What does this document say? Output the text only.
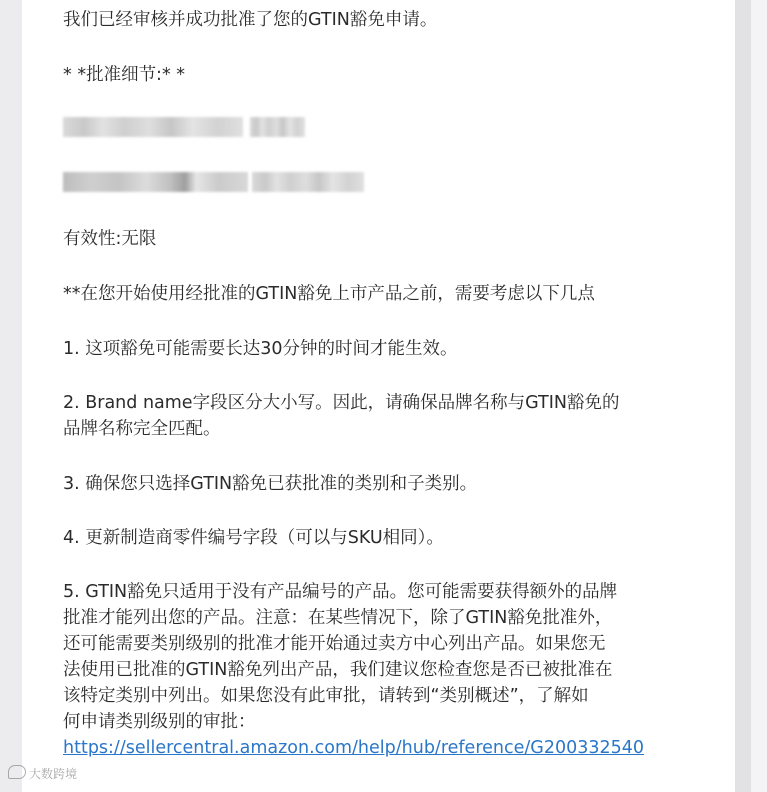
我们已经审核并成功批准了您的GTIN豁免申请。
* *批准细节:* *
有效性:无限
**在您开始使用经批准的GTIN豁免上市产品之前，需要考虑以下几点
1. 这项豁免可能需要长达30分钟的时间才能生效。
2. Brand name字段区分大小写。因此，请确保品牌名称与GTIN豁免的
品牌名称完全匹配。
3. 确保您只选择GTIN豁免已获批准的类别和子类别。
4. 更新制造商零件编号字段（可以与SKU相同）。
5. GTIN豁免只适用于没有产品编号的产品。您可能需要获得额外的品牌
批准才能列出您的产品。注意：在某些情况下，除了GTIN豁免批准外，
还可能需要类别级别的批准才能开始通过卖方中心列出产品。如果您无
法使用已批准的GTIN豁免列出产品，我们建议您检查您是否已被批准在
该特定类别中列出。如果您没有此审批，请转到“类别概述”，了解如
何申请类别级别的审批：
https://sellercentral.amazon.com/help/hub/reference/G200332540
大数跨境
